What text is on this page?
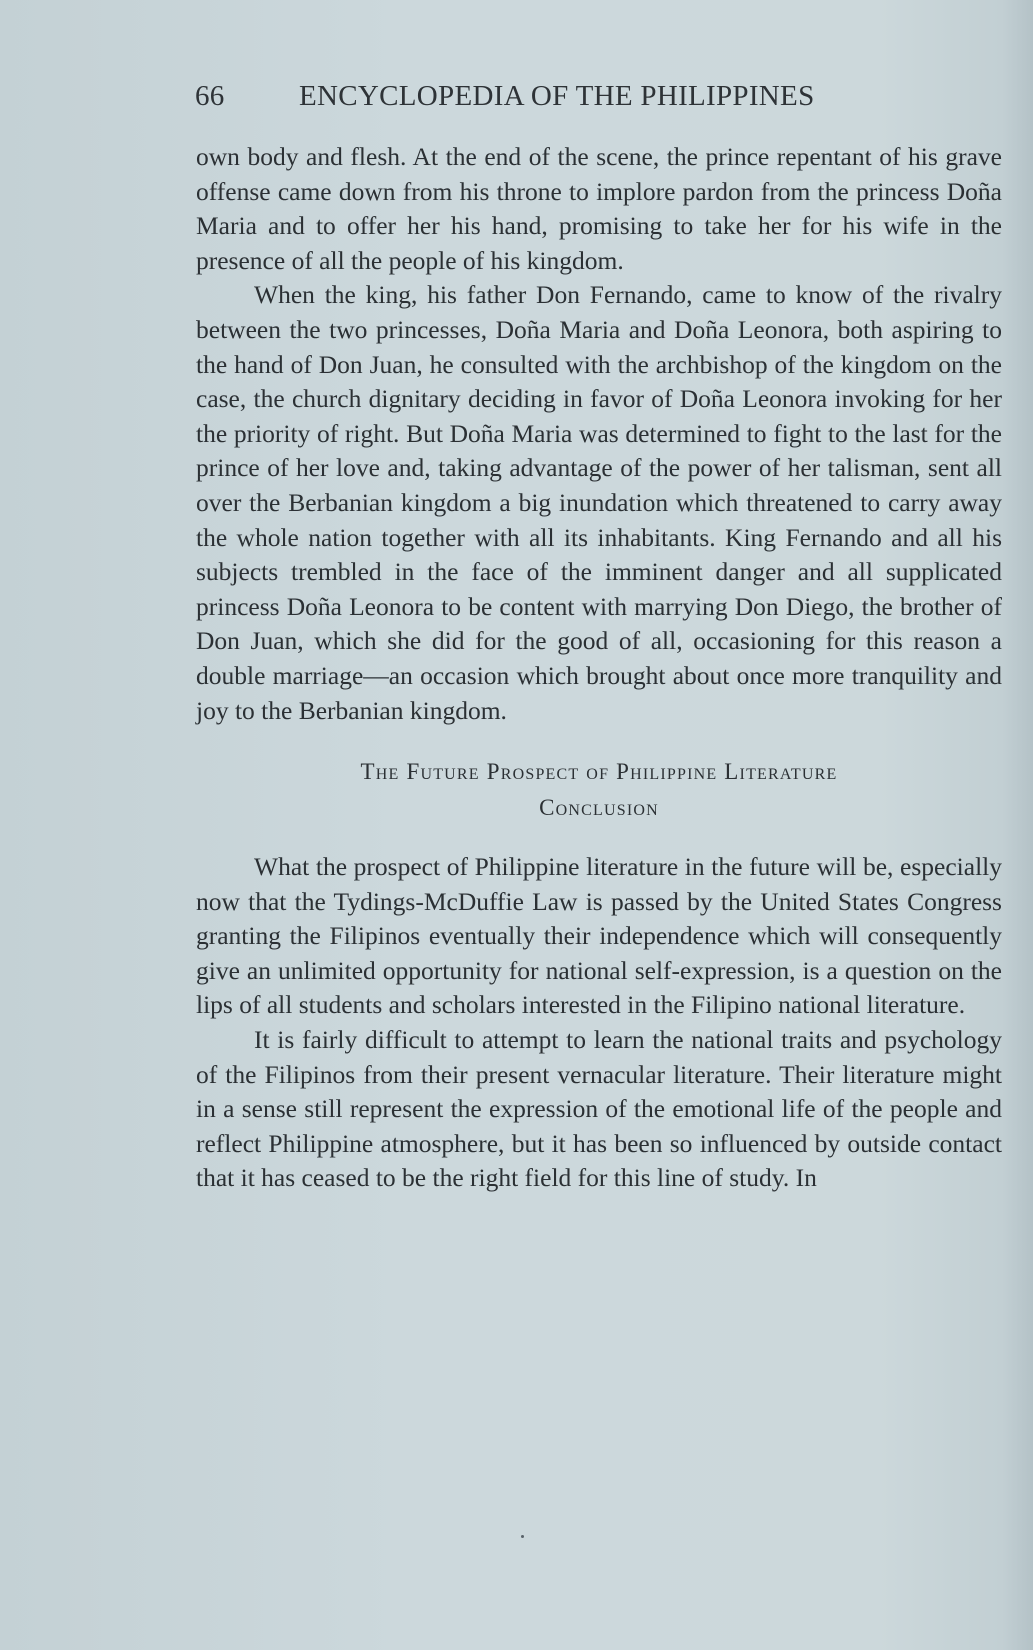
66	ENCYCLOPEDIA OF THE PHILIPPINES

own body and flesh. At the end of the scene, the prince repentant of his grave offense came down from his throne to implore pardon from the princess Doña Maria and to offer her his hand, promising to take her for his wife in the presence of all the people of his kingdom.

When the king, his father Don Fernando, came to know of the rivalry between the two princesses, Doña Maria and Doña Leonora, both aspiring to the hand of Don Juan, he consulted with the archbishop of the kingdom on the case, the church dignitary deciding in favor of Doña Leonora invoking for her the priority of right. But Doña Maria was determined to fight to the last for the prince of her love and, taking advantage of the power of her talisman, sent all over the Berbanian kingdom a big inundation which threatened to carry away the whole nation together with all its inhabitants. King Fernando and all his subjects trembled in the face of the imminent danger and all supplicated princess Doña Leonora to be content with marrying Don Diego, the brother of Don Juan, which she did for the good of all, occasioning for this reason a double marriage—an occasion which brought about once more tranquility and joy to the Berbanian kingdom.

The Future Prospect of Philippine Literature
Conclusion

What the prospect of Philippine literature in the future will be, especially now that the Tydings-McDuffie Law is passed by the United States Congress granting the Filipinos eventually their independence which will consequently give an unlimited opportunity for national self-expression, is a question on the lips of all students and scholars interested in the Filipino national literature.

It is fairly difficult to attempt to learn the national traits and psychology of the Filipinos from their present vernacular literature. Their literature might in a sense still represent the expression of the emotional life of the people and reflect Philippine atmosphere, but it has been so influenced by outside contact that it has ceased to be the right field for this line of study. In
